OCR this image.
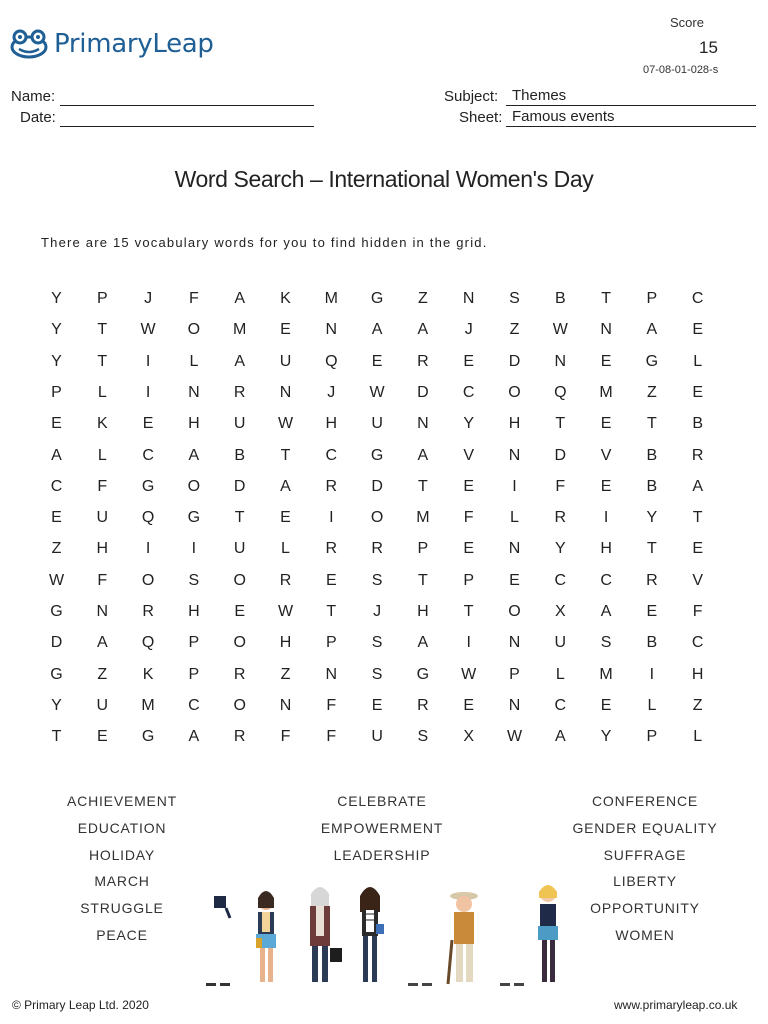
PrimaryLeap
Score
15
07-08-01-028-s
Name:
Date:
Subject: Themes
Sheet: Famous events
Word Search – International Women's Day
There are 15 vocabulary words for you to find hidden in the grid.
Y	P	J	F	A	K	M	G	Z	N	S	B	T	P	C
Y	T	W	O	M	E	N	A	A	J	Z	W	N	A	E
Y	T	I	L	A	U	Q	E	R	E	D	N	E	G	L
P	L	I	N	R	N	J	W	D	C	O	Q	M	Z	E
E	K	E	H	U	W	H	U	N	Y	H	T	E	T	B
A	L	C	A	B	T	C	G	A	V	N	D	V	B	R
C	F	G	O	D	A	R	D	T	E	I	F	E	B	A
E	U	Q	G	T	E	I	O	M	F	L	R	I	Y	T
Z	H	I	I	U	L	R	R	P	E	N	Y	H	T	E
W	F	O	S	O	R	E	S	T	P	E	C	C	R	V
G	N	R	H	E	W	T	J	H	T	O	X	A	E	F
D	A	Q	P	O	H	P	S	A	I	N	U	S	B	C
G	Z	K	P	R	Z	N	S	G	W	P	L	M	I	H
Y	U	M	C	O	N	F	E	R	E	N	C	E	L	Z
T	E	G	A	R	F	F	U	S	X	W	A	Y	P	L
ACHIEVEMENT
EDUCATION
HOLIDAY
MARCH
STRUGGLE
PEACE
CELEBRATE
EMPOWERMENT
LEADERSHIP
CONFERENCE
GENDER EQUALITY
SUFFRAGE
LIBERTY
OPPORTUNITY
WOMEN
© Primary Leap Ltd. 2020	www.primaryleap.co.uk
